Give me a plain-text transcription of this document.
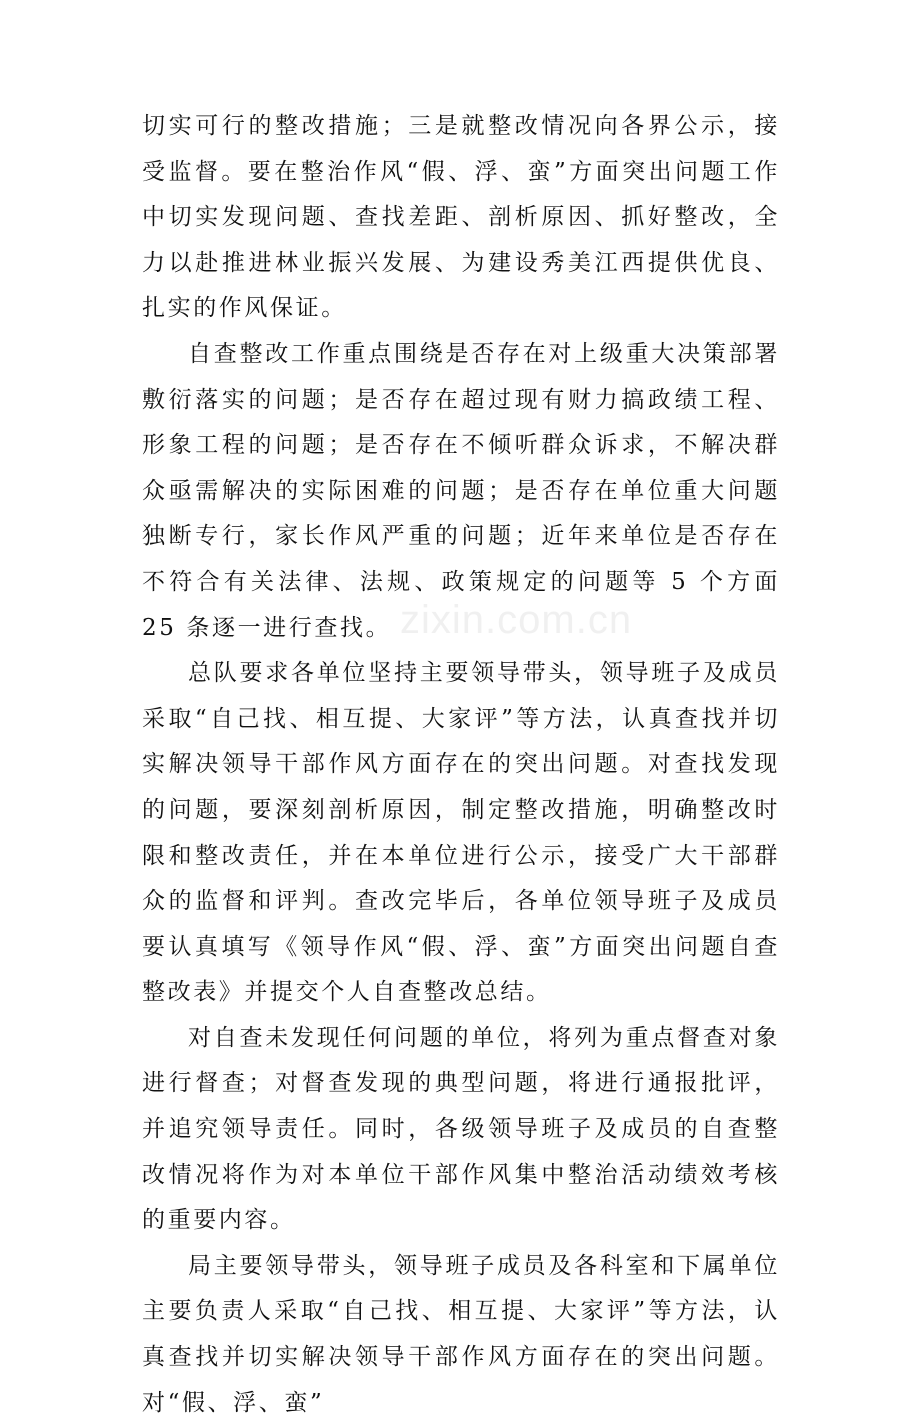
切实可行的整改措施；三是就整改情况向各界公示，接受监督。要在整治作风“假、浮、蛮”方面突出问题工作中切实发现问题、查找差距、剖析原因、抓好整改，全力以赴推进林业振兴发展、为建设秀美江西提供优良、扎实的作风保证。

自查整改工作重点围绕是否存在对上级重大决策部署敷衍落实的问题；是否存在超过现有财力搞政绩工程、形象工程的问题；是否存在不倾听群众诉求，不解决群众亟需解决的实际困难的问题；是否存在单位重大问题独断专行，家长作风严重的问题；近年来单位是否存在不符合有关法律、法规、政策规定的问题等 5 个方面 25 条逐一进行查找。

总队要求各单位坚持主要领导带头，领导班子及成员采取“自己找、相互提、大家评”等方法，认真查找并切实解决领导干部作风方面存在的突出问题。对查找发现的问题，要深刻剖析原因，制定整改措施，明确整改时限和整改责任，并在本单位进行公示，接受广大干部群众的监督和评判。查改完毕后，各单位领导班子及成员要认真填写《领导作风“假、浮、蛮”方面突出问题自查整改表》并提交个人自查整改总结。

对自查未发现任何问题的单位，将列为重点督查对象进行督查；对督查发现的典型问题，将进行通报批评，并追究领导责任。同时，各级领导班子及成员的自查整改情况将作为对本单位干部作风集中整治活动绩效考核的重要内容。

局主要领导带头，领导班子成员及各科室和下属单位主要负责人采取“自己找、相互提、大家评”等方法，认真查找并切实解决领导干部作风方面存在的突出问题。对“假、浮、蛮”

zixin.com.cn
